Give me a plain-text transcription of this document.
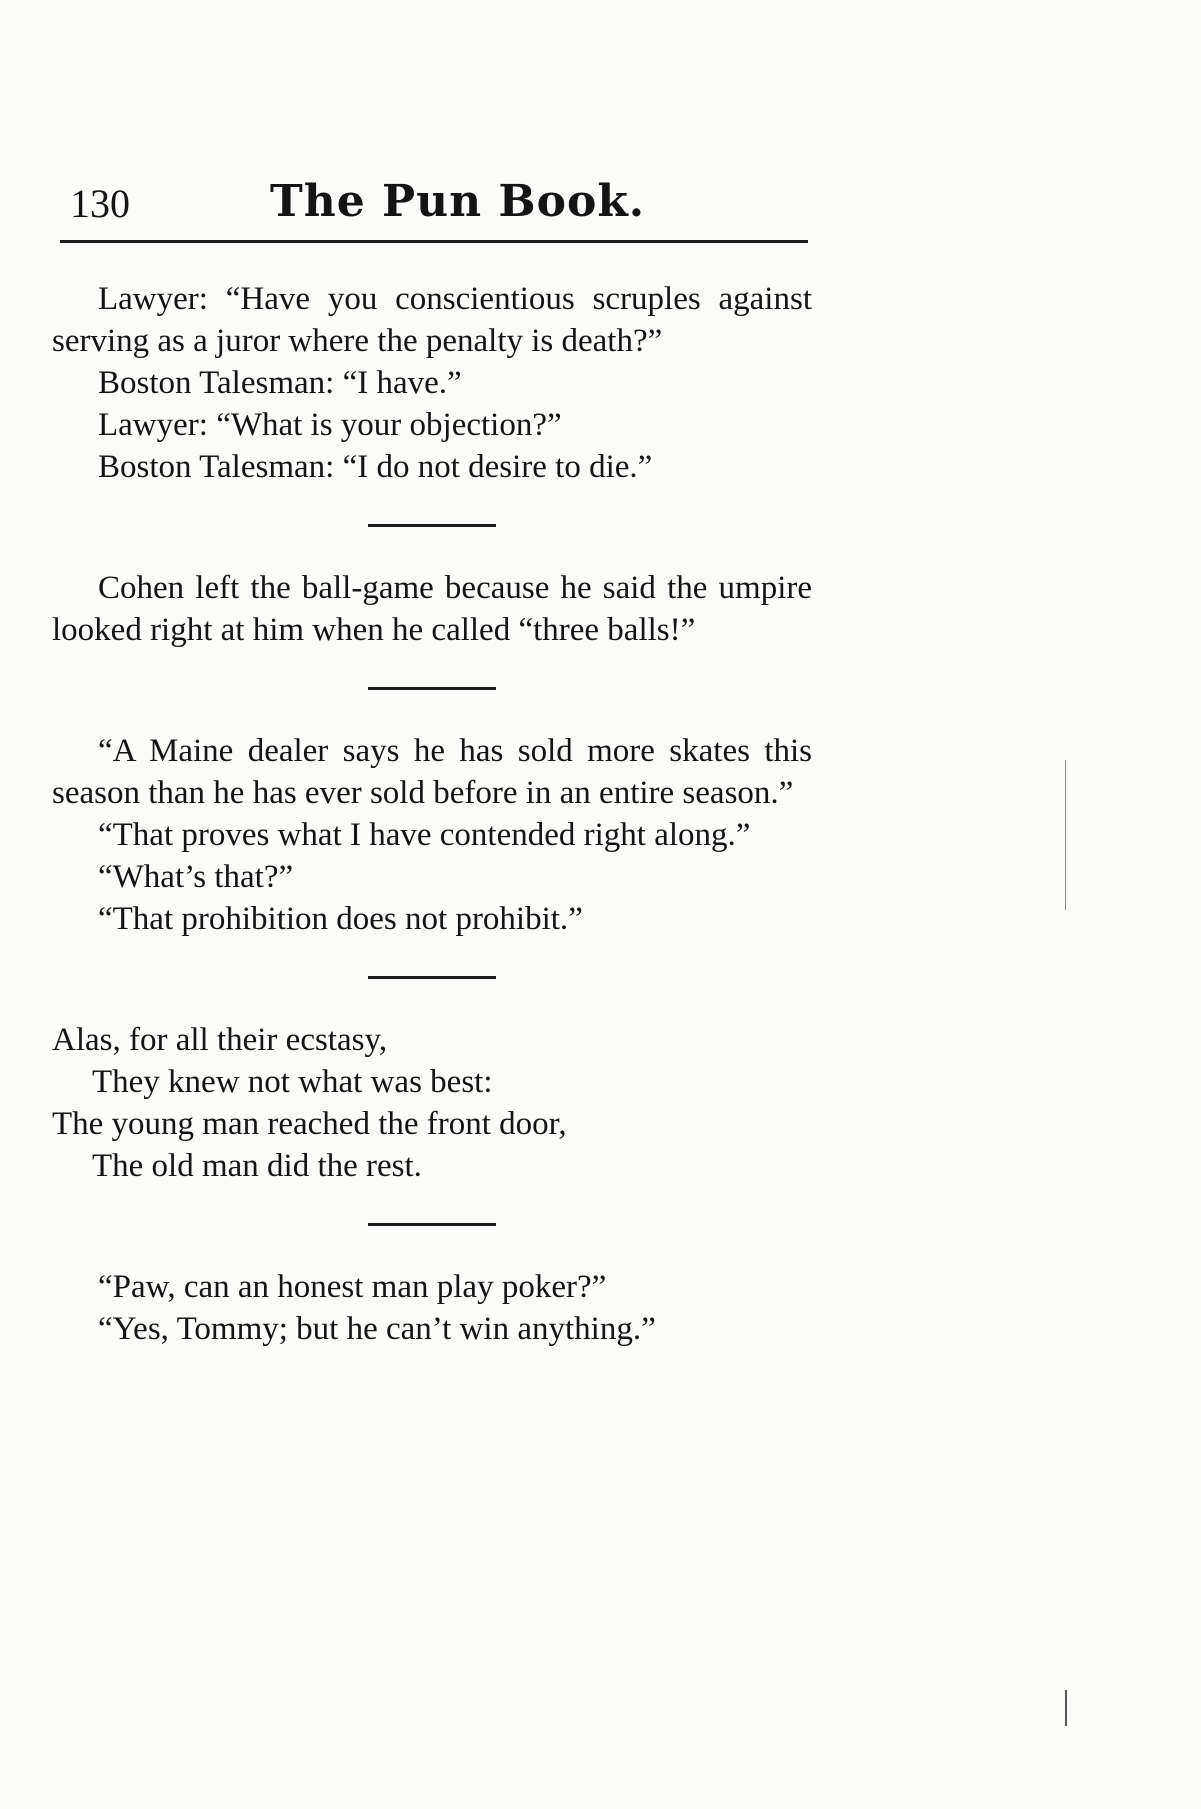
130	The Pun Book.

Lawyer: “Have you conscientious scruples against serving as a juror where the penalty is death?”

Boston Talesman: “I have.”

Lawyer: “What is your objection?”

Boston Talesman: “I do not desire to die.”

Cohen left the ball-game because he said the umpire looked right at him when he called “three balls!”

“A Maine dealer says he has sold more skates this season than he has ever sold before in an entire season.”

“That proves what I have contended right along.”

“What’s that?”

“That prohibition does not prohibit.”

Alas, for all their ecstasy,

They knew not what was best:

The young man reached the front door,

The old man did the rest.

“Paw, can an honest man play poker?”

“Yes, Tommy; but he can’t win anything.”
